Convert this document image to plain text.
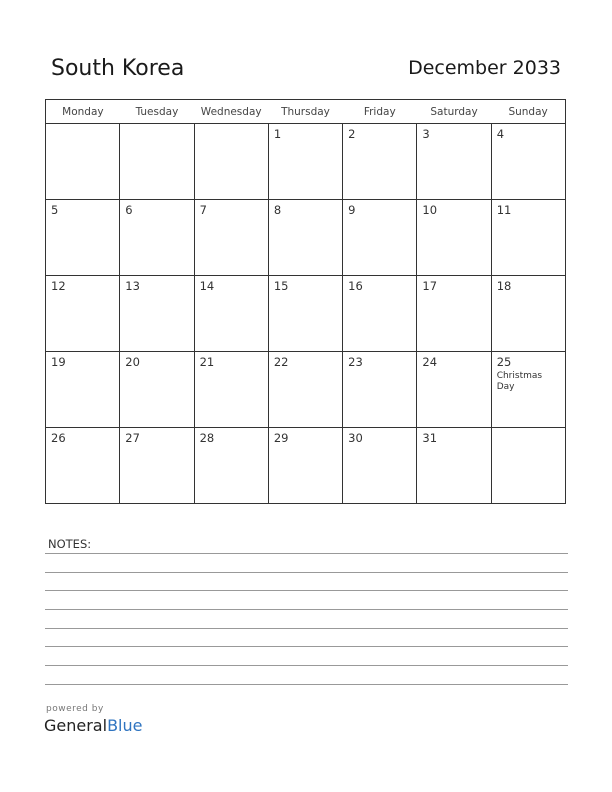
South Korea	December 2033
Monday	Tuesday	Wednesday	Thursday	Friday	Saturday	Sunday

			1	2	3	4

5	6	7	8	9	10	11

12	13	14	15	16	17	18

19	20	21	22	23	24	25
Christmas Day

26	27	28	29	30	31	

NOTES:
powered by
GeneralBlue
